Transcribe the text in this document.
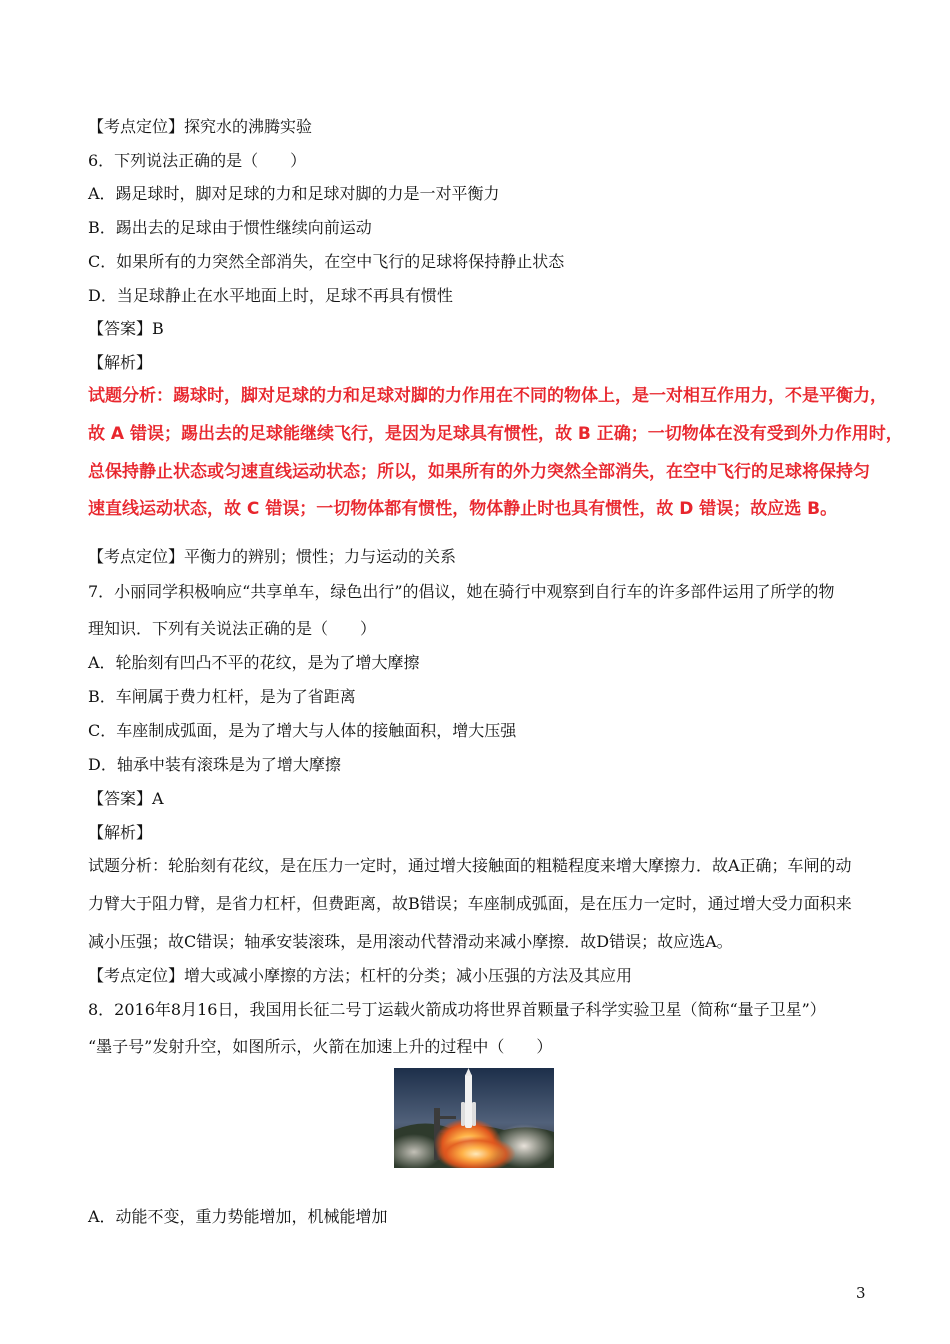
【考点定位】探究水的沸腾实验
6．下列说法正确的是（　　）
A．踢足球时，脚对足球的力和足球对脚的力是一对平衡力
B．踢出去的足球由于惯性继续向前运动
C．如果所有的力突然全部消失，在空中飞行的足球将保持静止状态
D．当足球静止在水平地面上时，足球不再具有惯性
【答案】B
【解析】
试题分析：踢球时，脚对足球的力和足球对脚的力作用在不同的物体上，是一对相互作用力，不是平衡力，
故 A 错误；踢出去的足球能继续飞行，是因为足球具有惯性，故 B 正确；一切物体在没有受到外力作用时，
总保持静止状态或匀速直线运动状态；所以，如果所有的外力突然全部消失，在空中飞行的足球将保持匀
速直线运动状态，故 C 错误；一切物体都有惯性，物体静止时也具有惯性，故 D 错误；故应选 B。
【考点定位】平衡力的辨别；惯性；力与运动的关系
7．小丽同学积极响应“共享单车，绿色出行”的倡议，她在骑行中观察到自行车的许多部件运用了所学的物
理知识．下列有关说法正确的是（　　）
A．轮胎刻有凹凸不平的花纹，是为了增大摩擦
B．车闸属于费力杠杆，是为了省距离
C．车座制成弧面，是为了增大与人体的接触面积，增大压强
D．轴承中装有滚珠是为了增大摩擦
【答案】A
【解析】
试题分析：轮胎刻有花纹，是在压力一定时，通过增大接触面的粗糙程度来增大摩擦力．故A正确；车闸的动
力臂大于阻力臂，是省力杠杆，但费距离，故B错误；车座制成弧面，是在压力一定时，通过增大受力面积来
减小压强；故C错误；轴承安装滚珠，是用滚动代替滑动来减小摩擦．故D错误；故应选A。
【考点定位】增大或减小摩擦的方法；杠杆的分类；减小压强的方法及其应用
8．2016年8月16日，我国用长征二号丁运载火箭成功将世界首颗量子科学实验卫星（简称“量子卫星”）
“墨子号”发射升空，如图所示，火箭在加速上升的过程中（　　）
A．动能不变，重力势能增加，机械能增加
3
